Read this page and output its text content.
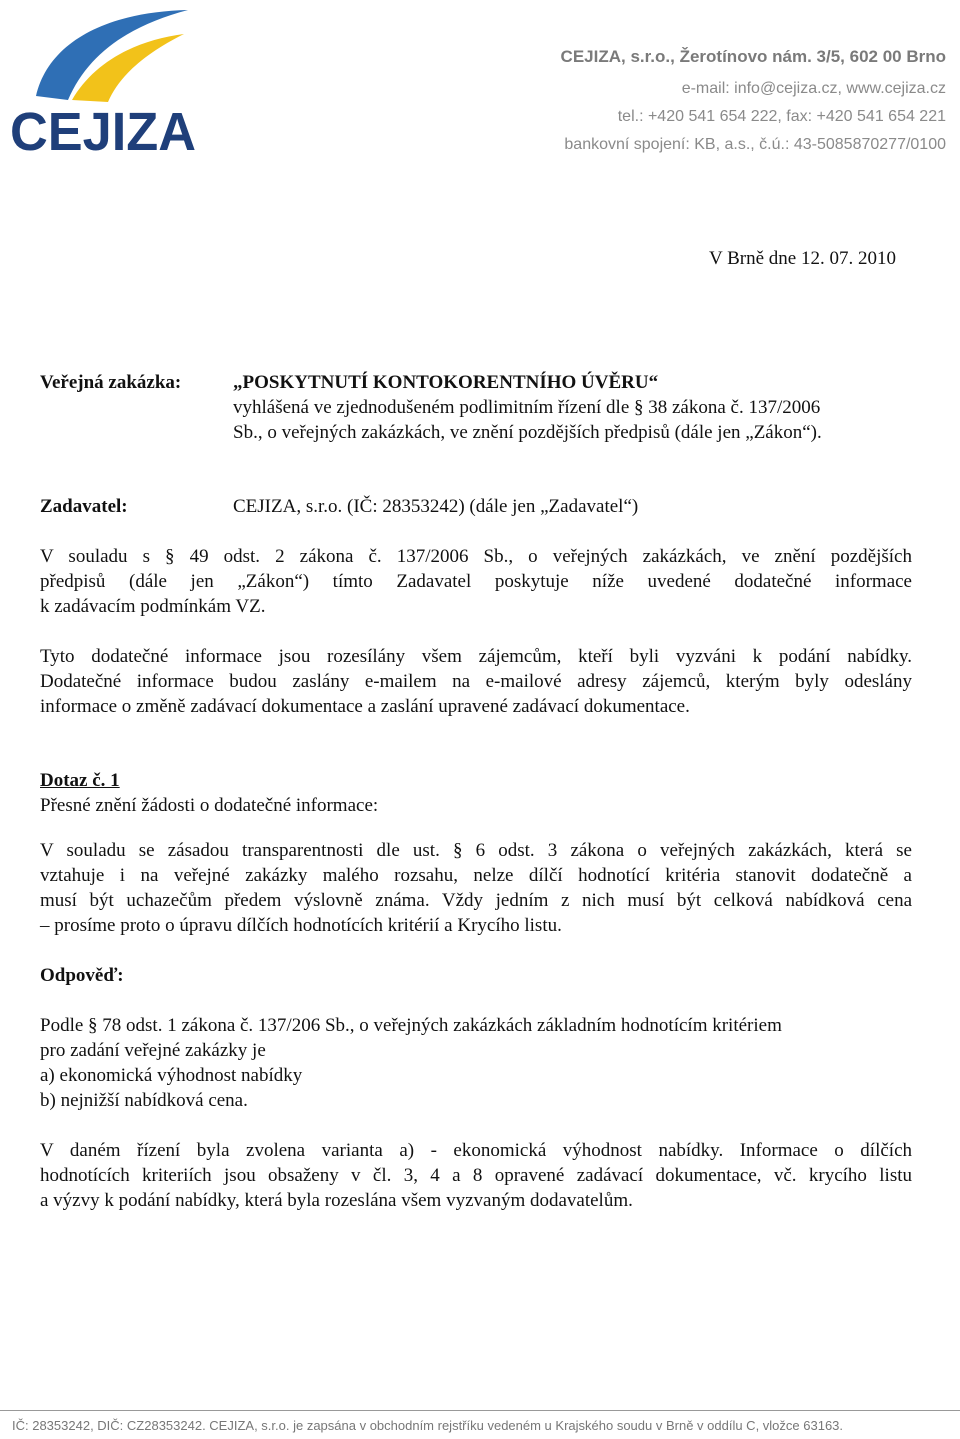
CEJIZA
CEJIZA, s.r.o., Žerotínovo nám. 3/5, 602 00 Brno
e-mail: info@cejiza.cz, www.cejiza.cz
tel.: +420 541 654 222, fax: +420 541 654 221
bankovní spojení: KB, a.s., č.ú.: 43-5085870277/0100
V Brně dne 12. 07. 2010
Veřejná zakázka:	„POSKYTNUTÍ KONTOKORENTNÍHO ÚVĚRU“
vyhlášená ve zjednodušeném podlimitním řízení dle § 38 zákona č. 137/2006
Sb., o veřejných zakázkách, ve znění pozdějších předpisů (dále jen „Zákon“).
Zadavatel:	CEJIZA, s.r.o. (IČ: 28353242) (dále jen „Zadavatel“)
V souladu s § 49 odst. 2 zákona č. 137/2006 Sb., o veřejných zakázkách, ve znění pozdějších
předpisů (dále jen „Zákon“) tímto Zadavatel poskytuje níže uvedené dodatečné informace
k zadávacím podmínkám VZ.
Tyto dodatečné informace jsou rozesílány všem zájemcům, kteří byli vyzváni k podání nabídky.
Dodatečné informace budou zaslány e-mailem na e-mailové adresy zájemců, kterým byly odeslány
informace o změně zadávací dokumentace a zaslání upravené zadávací dokumentace.
Dotaz č. 1
Přesné znění žádosti o dodatečné informace:
V souladu se zásadou transparentnosti dle ust. § 6 odst. 3 zákona o veřejných zakázkách, která se
vztahuje i na veřejné zakázky malého rozsahu, nelze dílčí hodnotící kritéria stanovit dodatečně a
musí být uchazečům předem výslovně známa. Vždy jedním z nich musí být celková nabídková cena
– prosíme proto o úpravu dílčích hodnotících kritérií a Krycího listu.
Odpověď:
Podle § 78 odst. 1 zákona č. 137/206 Sb., o veřejných zakázkách základním hodnotícím kritériem
pro zadání veřejné zakázky je
a) ekonomická výhodnost nabídky
b) nejnižší nabídková cena.
V daném řízení byla zvolena varianta a) - ekonomická výhodnost nabídky. Informace o dílčích
hodnotících kriteriích jsou obsaženy v čl. 3, 4 a 8 opravené zadávací dokumentace, vč. krycího listu
a výzvy k podání nabídky, která byla rozeslána všem vyzvaným dodavatelům.
IČ: 28353242, DIČ: CZ28353242. CEJIZA, s.r.o. je zapsána v obchodním rejstříku vedeném u Krajského soudu v Brně v oddílu C, vložce 63163.
